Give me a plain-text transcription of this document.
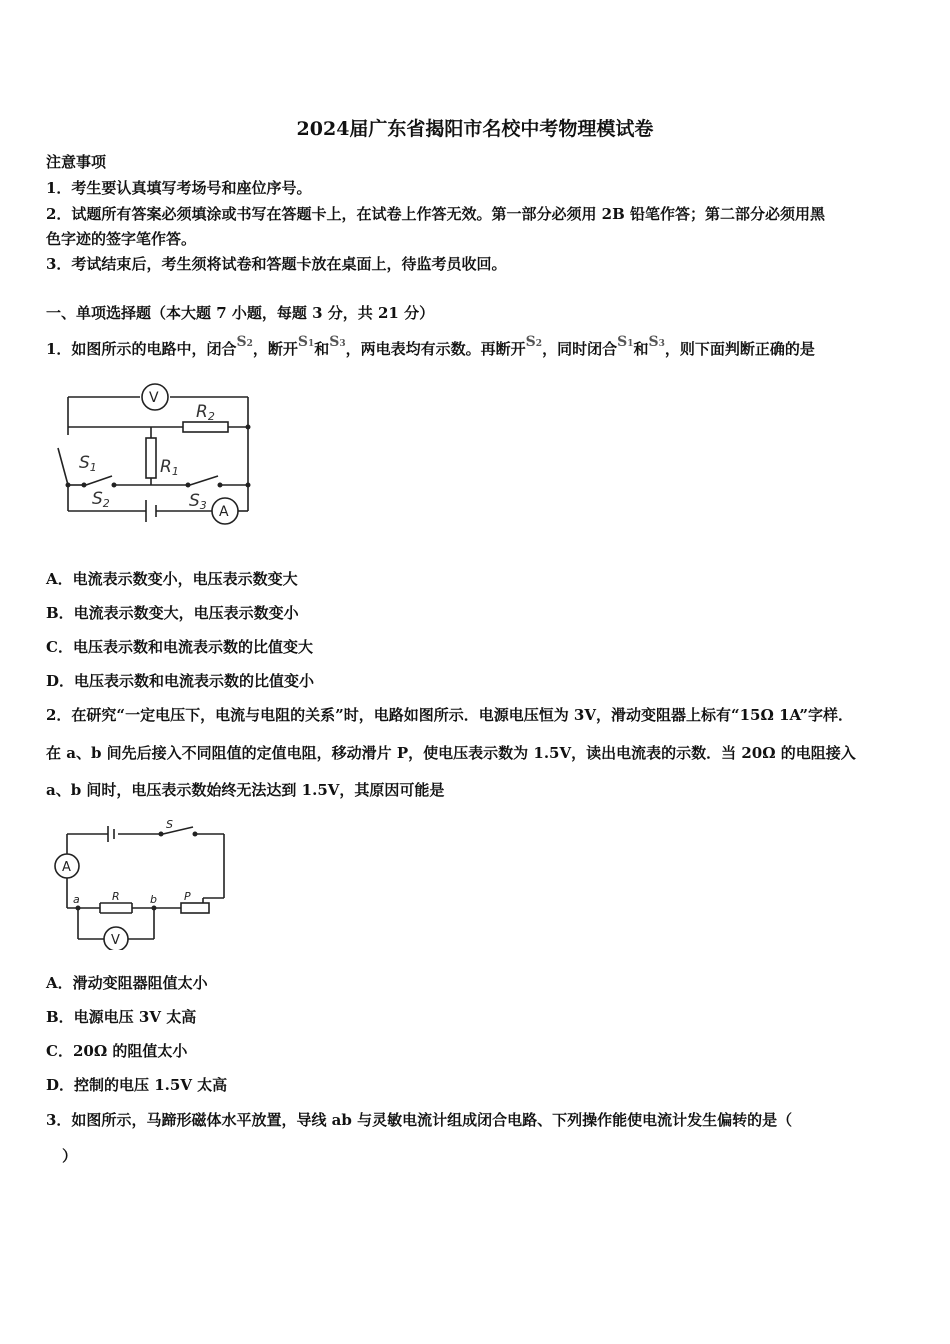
2024届广东省揭阳市名校中考物理模试卷
注意事项
1．考生要认真填写考场号和座位序号。
2．试题所有答案必须填涂或书写在答题卡上，在试卷上作答无效。第一部分必须用 2B 铅笔作答；第二部分必须用黑
色字迹的签字笔作答。
3．考试结束后，考生须将试卷和答题卡放在桌面上，待监考员收回。
一、单项选择题（本大题 7 小题，每题 3 分，共 21 分）
1．如图所示的电路中，闭合S2，断开S1和S3，两电表均有示数。再断开S2，同时闭合S1和S3，则下面判断正确的是
V
A
R2
R1
S1
S2	S3
A．电流表示数变小，电压表示数变大
B．电流表示数变大，电压表示数变小
C．电压表示数和电流表示数的比值变大
D．电压表示数和电流表示数的比值变小
2．在研究“一定电压下，电流与电阻的关系”时，电路如图所示．电源电压恒为 3V，滑动变阻器上标有“15Ω 1A”字样．
在 a、b 间先后接入不同阻值的定值电阻，移动滑片 P，使电压表示数为 1.5V，读出电流表的示数．当 20Ω 的电阻接入
a、b 间时，电压表示数始终无法达到 1.5V，其原因可能是
A
V
S
a	b
R	P
A．滑动变阻器阻值太小
B．电源电压 3V 太高
C．20Ω 的阻值太小
D．控制的电压 1.5V 太高
3．如图所示，马蹄形磁体水平放置，导线 ab 与灵敏电流计组成闭合电路、下列操作能使电流计发生偏转的是（
）
